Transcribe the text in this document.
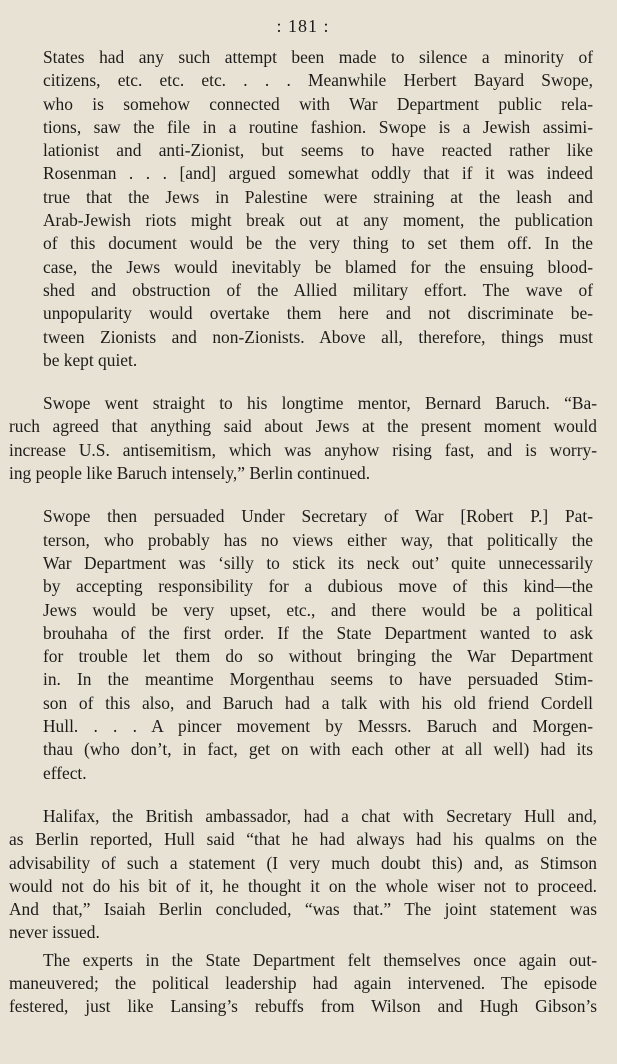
: 181 :
States had any such attempt been made to silence a minority of
citizens, etc. etc. etc. . . . Meanwhile Herbert Bayard Swope,
who is somehow connected with War Department public rela-
tions, saw the file in a routine fashion. Swope is a Jewish assimi-
lationist and anti-Zionist, but seems to have reacted rather like
Rosenman . . . [and] argued somewhat oddly that if it was indeed
true that the Jews in Palestine were straining at the leash and
Arab-Jewish riots might break out at any moment, the publication
of this document would be the very thing to set them off. In the
case, the Jews would inevitably be blamed for the ensuing blood-
shed and obstruction of the Allied military effort. The wave of
unpopularity would overtake them here and not discriminate be-
tween Zionists and non-Zionists. Above all, therefore, things must
be kept quiet.
Swope went straight to his longtime mentor, Bernard Baruch. “Ba-
ruch agreed that anything said about Jews at the present moment would
increase U.S. antisemitism, which was anyhow rising fast, and is worry-
ing people like Baruch intensely,” Berlin continued.
Swope then persuaded Under Secretary of War [Robert P.] Pat-
terson, who probably has no views either way, that politically the
War Department was ‘silly to stick its neck out’ quite unnecessarily
by accepting responsibility for a dubious move of this kind—the
Jews would be very upset, etc., and there would be a political
brouhaha of the first order. If the State Department wanted to ask
for trouble let them do so without bringing the War Department
in. In the meantime Morgenthau seems to have persuaded Stim-
son of this also, and Baruch had a talk with his old friend Cordell
Hull. . . . A pincer movement by Messrs. Baruch and Morgen-
thau (who don’t, in fact, get on with each other at all well) had its
effect.
Halifax, the British ambassador, had a chat with Secretary Hull and,
as Berlin reported, Hull said “that he had always had his qualms on the
advisability of such a statement (I very much doubt this) and, as Stimson
would not do his bit of it, he thought it on the whole wiser not to proceed.
And that,” Isaiah Berlin concluded, “was that.” The joint statement was
never issued.
The experts in the State Department felt themselves once again out-
maneuvered; the political leadership had again intervened. The episode
festered, just like Lansing’s rebuffs from Wilson and Hugh Gibson’s
